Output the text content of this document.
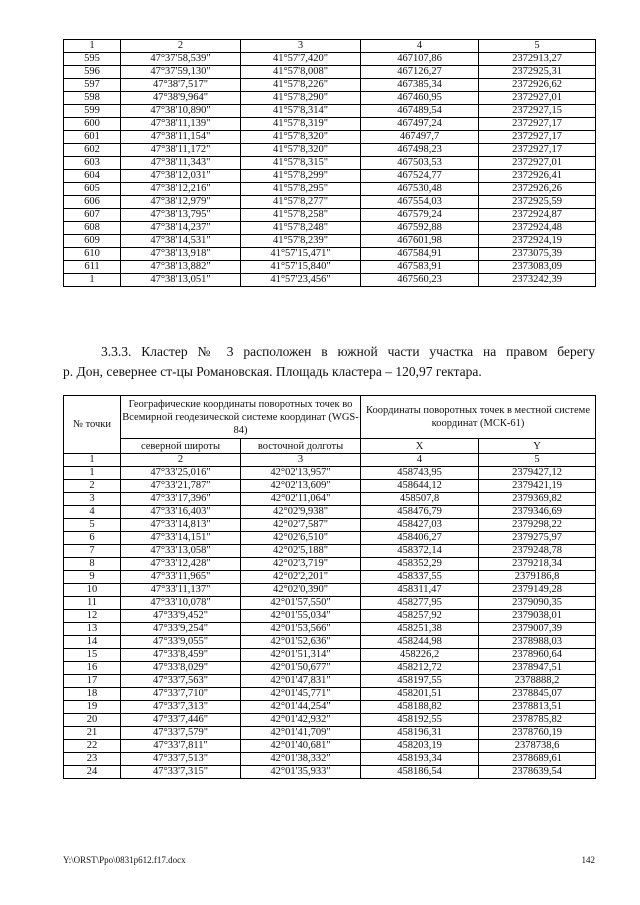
1	2	3	4	5
595	47°37'58,539"	41°57'7,420"	467107,86	2372913,27
596	47°37'59,130"	41°57'8,008"	467126,27	2372925,31
597	47°38'7,517"	41°57'8,226"	467385,34	2372926,62
598	47°38'9,964"	41°57'8,290"	467460,95	2372927,01
599	47°38'10,890"	41°57'8,314"	467489,54	2372927,15
600	47°38'11,139"	41°57'8,319"	467497,24	2372927,17
601	47°38'11,154"	41°57'8,320"	467497,7	2372927,17
602	47°38'11,172"	41°57'8,320"	467498,23	2372927,17
603	47°38'11,343"	41°57'8,315"	467503,53	2372927,01
604	47°38'12,031"	41°57'8,299"	467524,77	2372926,41
605	47°38'12,216"	41°57'8,295"	467530,48	2372926,26
606	47°38'12,979"	41°57'8,277"	467554,03	2372925,59
607	47°38'13,795"	41°57'8,258"	467579,24	2372924,87
608	47°38'14,237"	41°57'8,248"	467592,88	2372924,48
609	47°38'14,531"	41°57'8,239"	467601,98	2372924,19
610	47°38'13,918"	41°57'15,471"	467584,91	2373075,39
611	47°38'13,882"	41°57'15,840"	467583,91	2373083,09
1	47°38'13,051"	41°57'23,456"	467560,23	2373242,39
3.3.3. Кластер № 3 расположен в южной части участка на правом берегу
р. Дон, севернее ст-цы Романовская. Площадь кластера – 120,97 гектара.
№ точки	Географические координаты поворотных точек во Всемирной геодезической системе координат (WGS-84)		Координаты поворотных точек в местной системе координат (МСК-61)	
	северной широты	восточной долготы	X	Y
1	2	3	4	5
1	47°33'25,016"	42°02'13,957"	458743,95	2379427,12
2	47°33'21,787"	42°02'13,609"	458644,12	2379421,19
3	47°33'17,396"	42°02'11,064"	458507,8	2379369,82
4	47°33'16,403"	42°02'9,938"	458476,79	2379346,69
5	47°33'14,813"	42°02'7,587"	458427,03	2379298,22
6	47°33'14,151"	42°02'6,510"	458406,27	2379275,97
7	47°33'13,058"	42°02'5,188"	458372,14	2379248,78
8	47°33'12,428"	42°02'3,719"	458352,29	2379218,34
9	47°33'11,965"	42°02'2,201"	458337,55	2379186,8
10	47°33'11,137"	42°02'0,390"	458311,47	2379149,28
11	47°33'10,078"	42°01'57,550"	458277,95	2379090,35
12	47°33'9,452"	42°01'55,034"	458257,92	2379038,01
13	47°33'9,254"	42°01'53,566"	458251,38	2379007,39
14	47°33'9,055"	42°01'52,636"	458244,98	2378988,03
15	47°33'8,459"	42°01'51,314"	458226,2	2378960,64
16	47°33'8,029"	42°01'50,677"	458212,72	2378947,51
17	47°33'7,563"	42°01'47,831"	458197,55	2378888,2
18	47°33'7,710"	42°01'45,771"	458201,51	2378845,07
19	47°33'7,313"	42°01'44,254"	458188,82	2378813,51
20	47°33'7,446"	42°01'42,932"	458192,55	2378785,82
21	47°33'7,579"	42°01'41,709"	458196,31	2378760,19
22	47°33'7,811"	42°01'40,681"	458203,19	2378738,6
23	47°33'7,513"	42°01'38,332"	458193,34	2378689,61
24	47°33'7,315"	42°01'35,933"	458186,54	2378639,54
Y:\ORST\Ppo\0831p612.f17.docx	142
